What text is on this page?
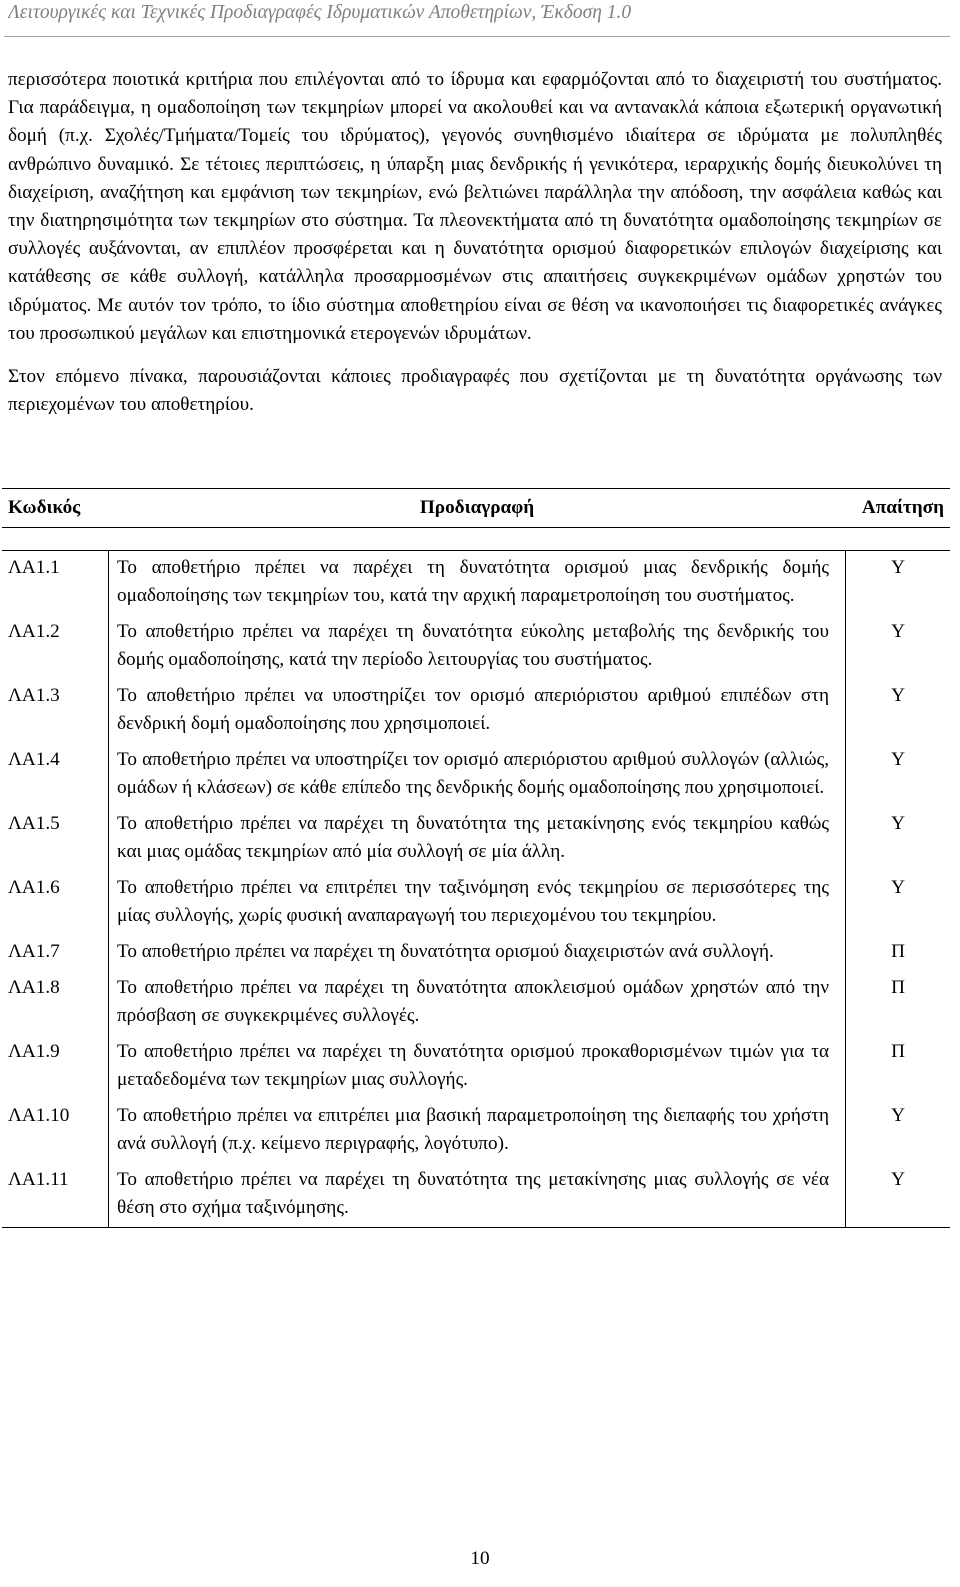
Λειτουργικές και Τεχνικές Προδιαγραφές Ιδρυματικών Αποθετηρίων, Έκδοση 1.0

περισσότερα ποιοτικά κριτήρια που επιλέγονται από το ίδρυμα και εφαρμόζονται από το διαχειριστή του συστήματος. Για παράδειγμα, η ομαδοποίηση των τεκμηρίων μπορεί να ακολουθεί και να αντανακλά κάποια εξωτερική οργανωτική δομή (π.χ. Σχολές/Τμήματα/Τομείς του ιδρύματος), γεγονός συνηθισμένο ιδιαίτερα σε ιδρύματα με πολυπληθές ανθρώπινο δυναμικό. Σε τέτοιες περιπτώσεις, η ύπαρξη μιας δενδρικής ή γενικότερα, ιεραρχικής δομής διευκολύνει τη διαχείριση, αναζήτηση και εμφάνιση των τεκμηρίων, ενώ βελτιώνει παράλληλα την απόδοση, την ασφάλεια καθώς και την διατηρησιμότητα των τεκμηρίων στο σύστημα. Τα πλεονεκτήματα από τη δυνατότητα ομαδοποίησης τεκμηρίων σε συλλογές αυξάνονται, αν επιπλέον προσφέρεται και η δυνατότητα ορισμού διαφορετικών επιλογών διαχείρισης και κατάθεσης σε κάθε συλλογή, κατάλληλα προσαρμοσμένων στις απαιτήσεις συγκεκριμένων ομάδων χρηστών του ιδρύματος. Με αυτόν τον τρόπο, το ίδιο σύστημα αποθετηρίου είναι σε θέση να ικανοποιήσει τις διαφορετικές ανάγκες του προσωπικού μεγάλων και επιστημονικά ετερογενών ιδρυμάτων.

Στον επόμενο πίνακα, παρουσιάζονται κάποιες προδιαγραφές που σχετίζονται με τη δυνατότητα οργάνωσης των περιεχομένων του αποθετηρίου.

Κωδικός	Προδιαγραφή	Απαίτηση

ΛΑ1.1	Το αποθετήριο πρέπει να παρέχει τη δυνατότητα ορισμού μιας δενδρικής δομής ομαδοποίησης των τεκμηρίων του, κατά την αρχική παραμετροποίηση του συστήματος.	Υ
ΛΑ1.2	Το αποθετήριο πρέπει να παρέχει τη δυνατότητα εύκολης μεταβολής της δενδρικής του δομής ομαδοποίησης, κατά την περίοδο λειτουργίας του συστήματος.	Υ
ΛΑ1.3	Το αποθετήριο πρέπει να υποστηρίζει τον ορισμό απεριόριστου αριθμού επιπέδων στη δενδρική δομή ομαδοποίησης που χρησιμοποιεί.	Υ
ΛΑ1.4	Το αποθετήριο πρέπει να υποστηρίζει τον ορισμό απεριόριστου αριθμού συλλογών (αλλιώς, ομάδων ή κλάσεων) σε κάθε επίπεδο της δενδρικής δομής ομαδοποίησης που χρησιμοποιεί.	Υ
ΛΑ1.5	Το αποθετήριο πρέπει να παρέχει τη δυνατότητα της μετακίνησης ενός τεκμηρίου καθώς και μιας ομάδας τεκμηρίων από μία συλλογή σε μία άλλη.	Υ
ΛΑ1.6	Το αποθετήριο πρέπει να επιτρέπει την ταξινόμηση ενός τεκμηρίου σε περισσότερες της μίας συλλογής, χωρίς φυσική αναπαραγωγή του περιεχομένου του τεκμηρίου.	Υ
ΛΑ1.7	Το αποθετήριο πρέπει να παρέχει τη δυνατότητα ορισμού διαχειριστών ανά συλλογή.	Π
ΛΑ1.8	Το αποθετήριο πρέπει να παρέχει τη δυνατότητα αποκλεισμού ομάδων χρηστών από την πρόσβαση σε συγκεκριμένες συλλογές.	Π
ΛΑ1.9	Το αποθετήριο πρέπει να παρέχει τη δυνατότητα ορισμού προκαθορισμένων τιμών για τα μεταδεδομένα των τεκμηρίων μιας συλλογής.	Π
ΛΑ1.10	Το αποθετήριο πρέπει να επιτρέπει μια βασική παραμετροποίηση της διεπαφής του χρήστη ανά συλλογή (π.χ. κείμενο περιγραφής, λογότυπο).	Υ
ΛΑ1.11	Το αποθετήριο πρέπει να παρέχει τη δυνατότητα της μετακίνησης μιας συλλογής σε νέα θέση στο σχήμα ταξινόμησης.	Υ
10
